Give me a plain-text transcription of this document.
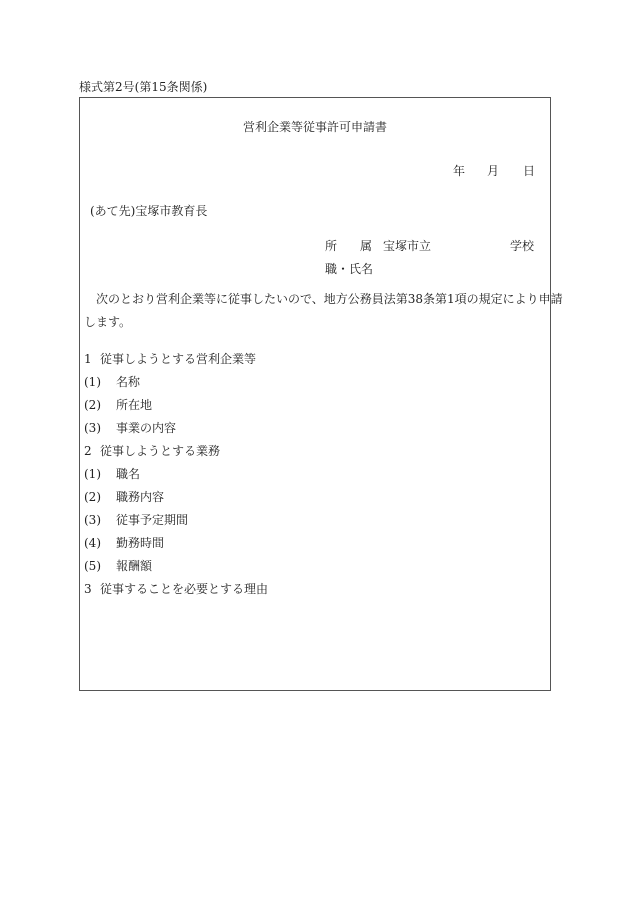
様式第2号(第15条関係)
営利企業等従事許可申請書
年 月 日
(あて先)宝塚市教育長
所 属 宝塚市立	学校
職・氏名
次のとおり営利企業等に従事したいので、地方公務員法第38条第1項の規定により申請
します。
1 従事しようとする営利企業等
(1) 名称
(2) 所在地
(3) 事業の内容
2 従事しようとする業務
(1) 職名
(2) 職務内容
(3) 従事予定期間
(4) 勤務時間
(5) 報酬額
3 従事することを必要とする理由
